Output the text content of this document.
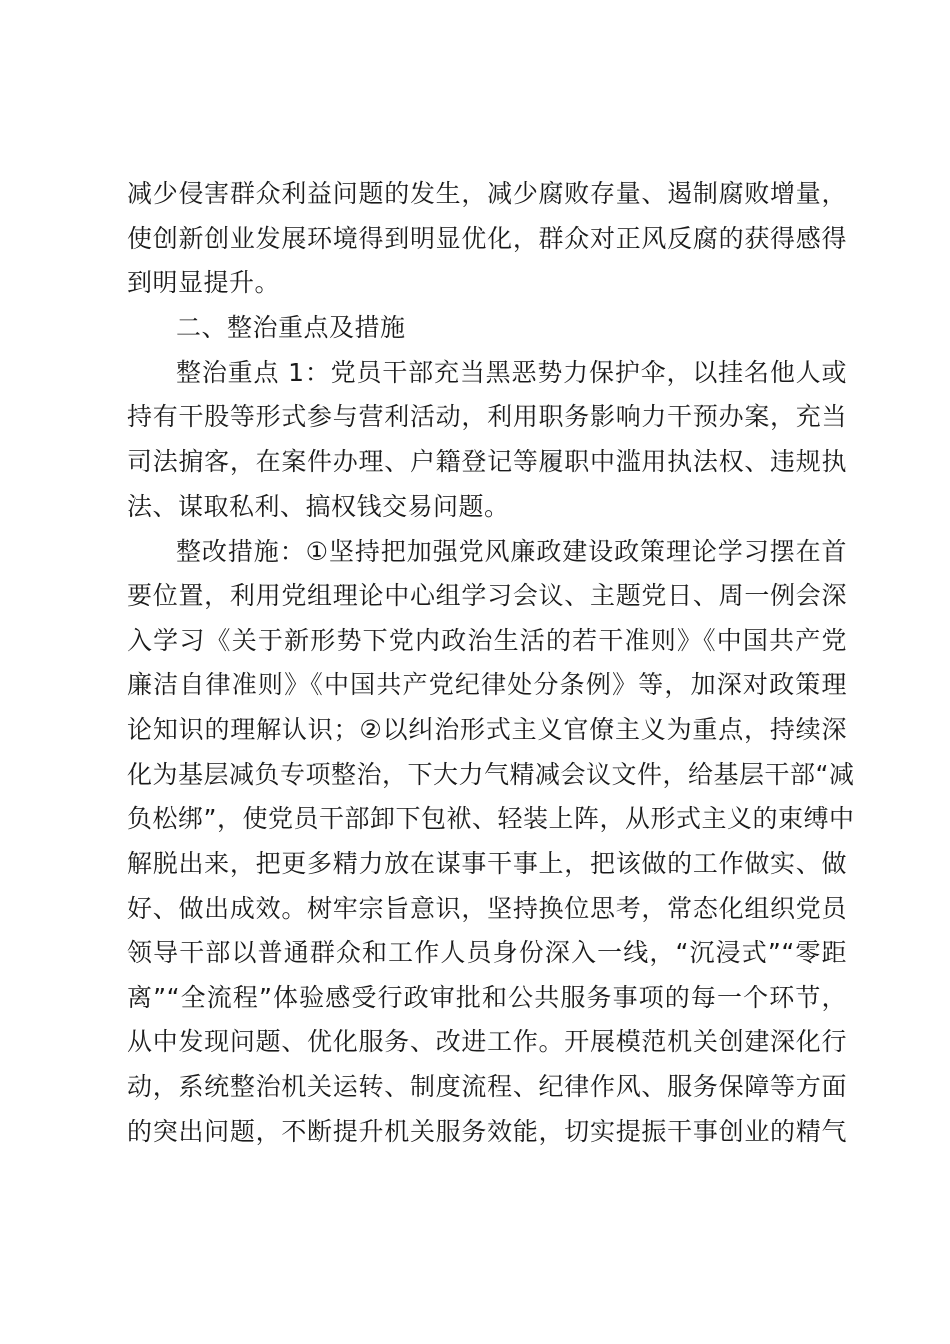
减少侵害群众利益问题的发生，减少腐败存量、遏制腐败增量，
使创新创业发展环境得到明显优化，群众对正风反腐的获得感得
到明显提升。
二、整治重点及措施
整治重点 1：党员干部充当黑恶势力保护伞，以挂名他人或
持有干股等形式参与营利活动，利用职务影响力干预办案，充当
司法掮客，在案件办理、户籍登记等履职中滥用执法权、违规执
法、谋取私利、搞权钱交易问题。
整改措施：①坚持把加强党风廉政建设政策理论学习摆在首
要位置，利用党组理论中心组学习会议、主题党日、周一例会深
入学习《关于新形势下党内政治生活的若干准则》《中国共产党
廉洁自律准则》《中国共产党纪律处分条例》等，加深对政策理
论知识的理解认识；②以纠治形式主义官僚主义为重点，持续深
化为基层减负专项整治，下大力气精减会议文件，给基层干部“减
负松绑”，使党员干部卸下包袱、轻装上阵，从形式主义的束缚中
解脱出来，把更多精力放在谋事干事上，把该做的工作做实、做
好、做出成效。树牢宗旨意识，坚持换位思考，常态化组织党员
领导干部以普通群众和工作人员身份深入一线，“沉浸式”“零距
离”“全流程”体验感受行政审批和公共服务事项的每一个环节，
从中发现问题、优化服务、改进工作。开展模范机关创建深化行
动，系统整治机关运转、制度流程、纪律作风、服务保障等方面
的突出问题，不断提升机关服务效能，切实提振干事创业的精气
